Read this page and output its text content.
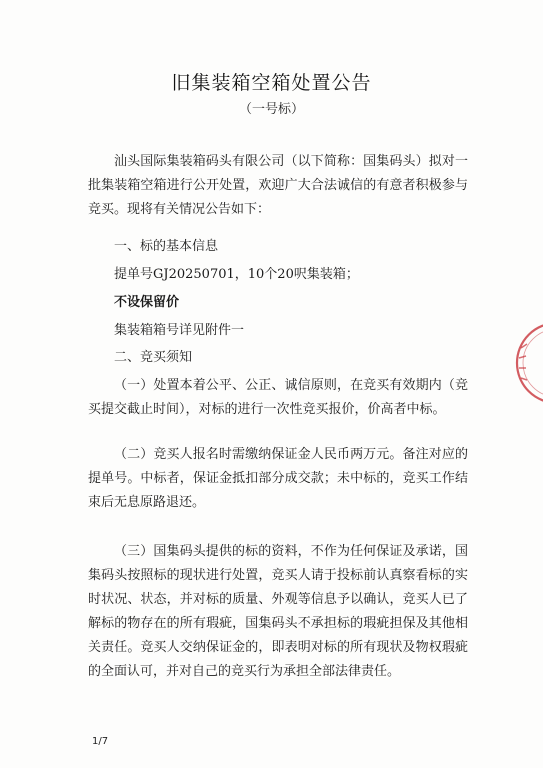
旧集装箱空箱处置公告
（一号标）
汕头国际集装箱码头有限公司（以下简称：国集码头）拟对一批集装箱空箱进行公开处置，欢迎广大合法诚信的有意者积极参与竞买。现将有关情况公告如下：
一、标的基本信息
提单号GJ20250701，10个20呎集装箱；
不设保留价
集装箱箱号详见附件一
二、竞买须知
（一）处置本着公平、公正、诚信原则，在竞买有效期内（竞买提交截止时间），对标的进行一次性竞买报价，价高者中标。
（二）竞买人报名时需缴纳保证金人民币两万元。备注对应的提单号。中标者，保证金抵扣部分成交款；未中标的，竞买工作结束后无息原路退还。
（三）国集码头提供的标的资料，不作为任何保证及承诺，国集码头按照标的现状进行处置，竞买人请于投标前认真察看标的实时状况、状态，并对标的质量、外观等信息予以确认，竞买人已了解标的物存在的所有瑕疵，国集码头不承担标的瑕疵担保及其他相关责任。竞买人交纳保证金的，即表明对标的所有现状及物权瑕疵的全面认可，并对自己的竞买行为承担全部法律责任。
1/7
